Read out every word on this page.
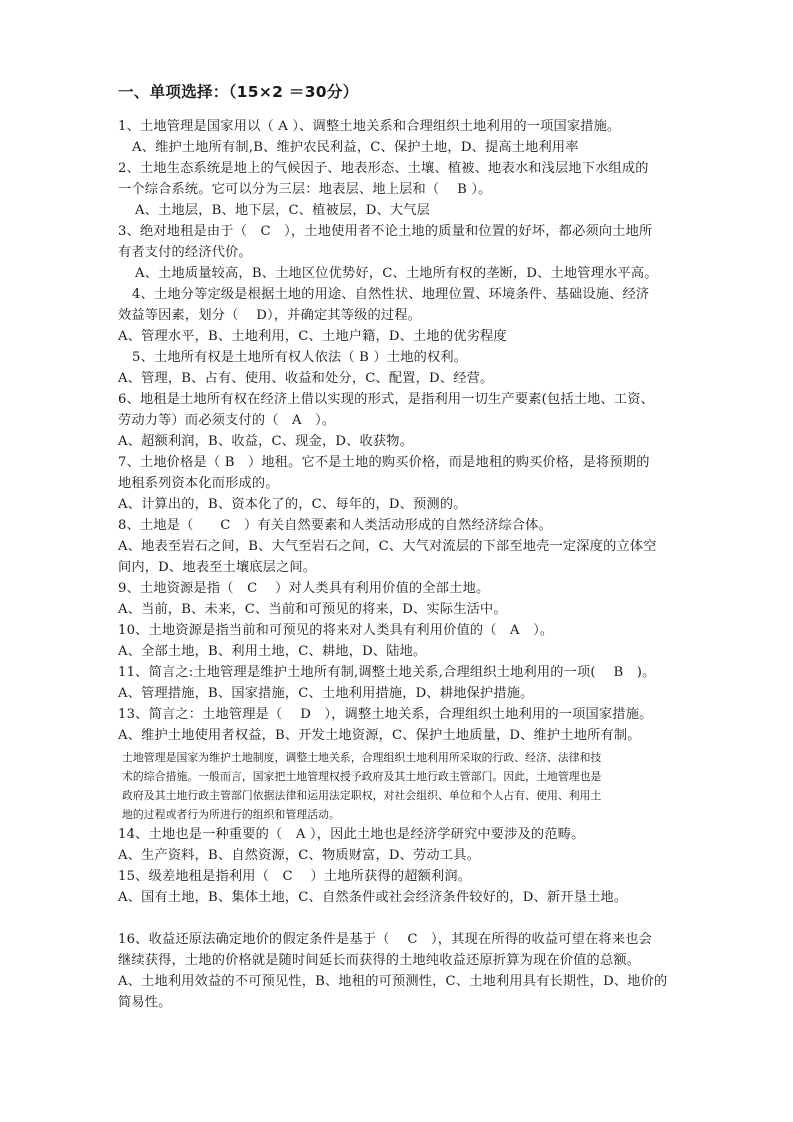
一、单项选择：（15×2 ＝30分）
1、土地管理是国家用以（ A ）、调整土地关系和合理组织土地利用的一项国家措施。
A、维护土地所有制,B、维护农民利益，C、保护土地，D、提高土地利用率
2、土地生态系统是地上的气候因子、地表形态、土壤、植被、地表水和浅层地下水组成的
一个综合系统。它可以分为三层：地表层、地上层和（　 B ）。
A、土地层，B、地下层，C、植被层，D、大气层
3、绝对地租是由于（　C　），土地使用者不论土地的质量和位置的好坏，都必须向土地所
有者支付的经济代价。
A、土地质量较高，B、土地区位优势好，C、土地所有权的垄断，D、土地管理水平高。
4、土地分等定级是根据土地的用途、自然性状、地理位置、环境条件、基础设施、经济
效益等因素，划分（　 D），并确定其等级的过程。
A、管理水平，B、土地利用，C、土地户籍，D、土地的优劣程度
5、土地所有权是土地所有权人依法（ B ）土地的权利。
A、管理，B、占有、使用、收益和处分，C、配置，D、经营。
6、地租是土地所有权在经济上借以实现的形式，是指利用一切生产要素(包括土地、工资、
劳动力等）而必须支付的（　A　）。
A、超额利润，B、收益，C、现金，D、收获物。
7、土地价格是（ B　）地租。它不是土地的购买价格，而是地租的购买价格，是将预期的
地租系列资本化而形成的。
A、计算出的，B、资本化了的，C、每年的，D、预测的。
8、土地是（　　C　）有关自然要素和人类活动形成的自然经济综合体。
A、地表至岩石之间，B、大气至岩石之间，C、大气对流层的下部至地壳一定深度的立体空
间内，D、地表至土壤底层之间。
9、土地资源是指（　C　 ）对人类具有利用价值的全部土地。
A、当前，B、未来，C、当前和可预见的将来，D、实际生活中。
10、土地资源是指当前和可预见的将来对人类具有利用价值的（　A　）。
A、全部土地，B、利用土地，C、耕地，D、陆地。
11、简言之:土地管理是维护土地所有制,调整土地关系,合理组织土地利用的一项(　 B　)。
A、管理措施，B、国家措施，C、土地利用措施，D、耕地保护措施。
13、简言之：土地管理是（　 D　），调整土地关系，合理组织土地利用的一项国家措施。
A、维护土地使用者权益，B、开发土地资源，C、保护土地质量，D、维护土地所有制。
土地管理是国家为维护土地制度，调整土地关系，合理组织土地利用所采取的行政、经济、法律和技
术的综合措施。一般而言，国家把土地管理权授予政府及其土地行政主管部门。因此，土地管理也是
政府及其土地行政主管部门依据法律和运用法定职权，对社会组织、单位和个人占有、使用、利用土
地的过程或者行为所进行的组织和管理活动。
14、土地也是一种重要的（　A ），因此土地也是经济学研究中要涉及的范畴。
A、生产资料，B、自然资源，C、物质财富，D、劳动工具。
15、级差地租是指利用（　C　 ）土地所获得的超额利润。
A、国有土地，B、集体土地，C、自然条件或社会经济条件较好的，D、新开垦土地。
16、收益还原法确定地价的假定条件是基于（　 C　），其现在所得的收益可望在将来也会
继续获得，土地的价格就是随时间延长而获得的土地纯收益还原折算为现在价值的总额。
A、土地利用效益的不可预见性，B、地租的可预测性，C、土地利用具有长期性，D、地价的
简易性。
